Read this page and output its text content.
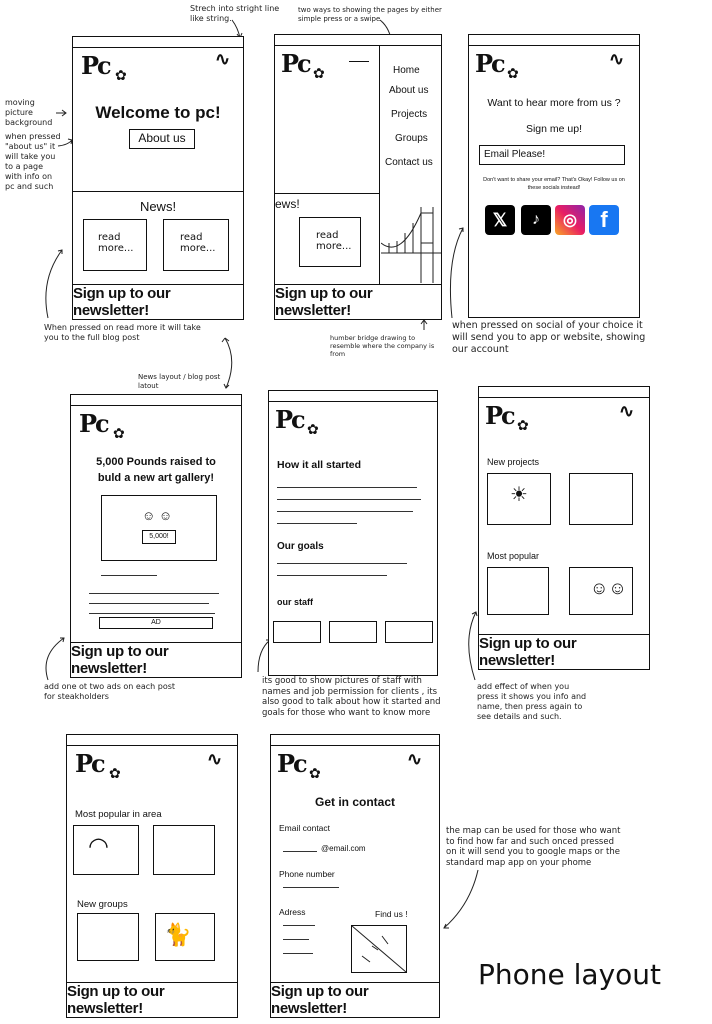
Strech into stright line like string.
two ways to showing the pages by either simple press or a swipe
moving picture background
when pressed "about us" it will take you to a page with info on pc and such
When pressed on read more it will take you to the full blog post	humber bridge drawing to resemble where the company is from
when pressed on social of your choice it will send you to app or website, showing our account
News layout / blog post latout
add one ot two ads on each post for steakholders
its good to show pictures of staff with names and job permission for clients , its also good to talk about how it started and goals for those who want to know more
add effect of when you press it shows you info and name, then press again to see details and such.
the map can be used for those who want to find how far and such onced pressed on it will send you to google maps or the standard map app on your phome
Phone layout
Pc ✿
∿
Welcome to pc!
About us
News!
read more...
read more...
Sign up to our newsletter!
Pc ✿
ews!
read more...
Home
About us
Projects
Groups
Contact us
Sign up to our newsletter!
Pc ✿
∿
Want to hear more from us ?
Sign me up!
Email Please!
Don't want to share your email? That's Okay! Follow us on these socials instead!
𝕏	♪	◎	f
Pc ✿
5,000 Pounds raised to buld a new art gallery!
5,000!
☺ ☺
AD
Sign up to our newsletter!
Pc ✿
How it all started
Our goals
our staff
Pc ✿
∿
New projects
☀
Most popular
☺☺
Sign up to our newsletter!
Pc ✿
∿
Most popular in area
◠
New groups
🐈
Sign up to our newsletter!
Pc ✿
∿
Get in contact
Email contact
@email.com
Phone number
Adress	Find us !
Sign up to our newsletter!
